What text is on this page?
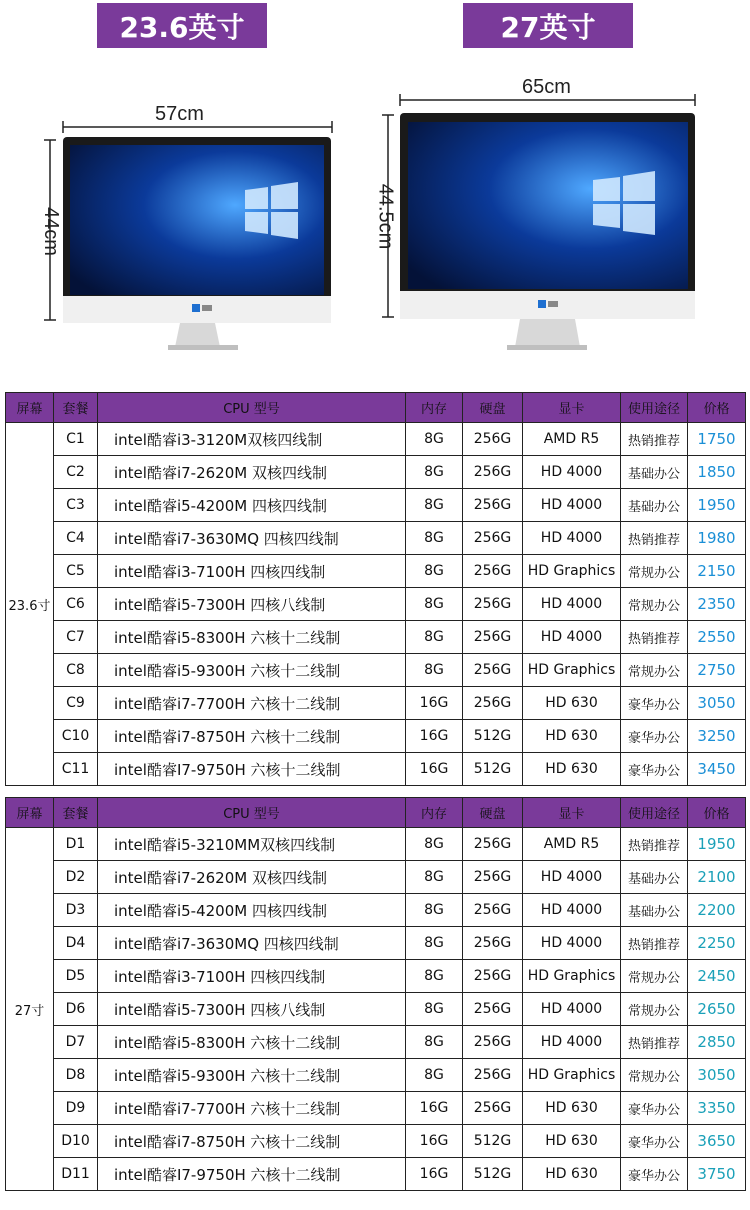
23.6英寸	27英寸
57cm
44cm
65cm
44.5cm
屏幕	套餐	CPU 型号	内存	硬盘	显卡	使用途径	价格
23.6寸	C1	intel酷睿i3-3120M双核四线制	8G	256G	AMD R5	热销推荐	1750
	C2	intel酷睿i7-2620M 双核四线制	8G	256G	HD 4000	基础办公	1850
	C3	intel酷睿i5-4200M 四核四线制	8G	256G	HD 4000	基础办公	1950
	C4	intel酷睿i7-3630MQ 四核四线制	8G	256G	HD 4000	热销推荐	1980
	C5	intel酷睿i3-7100H 四核四线制	8G	256G	HD Graphics	常规办公	2150
	C6	intel酷睿i5-7300H 四核八线制	8G	256G	HD 4000	常规办公	2350
	C7	intel酷睿i5-8300H 六核十二线制	8G	256G	HD 4000	热销推荐	2550
	C8	intel酷睿i5-9300H 六核十二线制	8G	256G	HD Graphics	常规办公	2750
	C9	intel酷睿i7-7700H 六核十二线制	16G	256G	HD 630	豪华办公	3050
	C10	intel酷睿i7-8750H 六核十二线制	16G	512G	HD 630	豪华办公	3250
	C11	intel酷睿I7-9750H 六核十二线制	16G	512G	HD 630	豪华办公	3450
屏幕	套餐	CPU 型号	内存	硬盘	显卡	使用途径	价格
27寸	D1	intel酷睿i5-3210MM双核四线制	8G	256G	AMD R5	热销推荐	1950
	D2	intel酷睿i7-2620M 双核四线制	8G	256G	HD 4000	基础办公	2100
	D3	intel酷睿i5-4200M 四核四线制	8G	256G	HD 4000	基础办公	2200
	D4	intel酷睿i7-3630MQ 四核四线制	8G	256G	HD 4000	热销推荐	2250
	D5	intel酷睿i3-7100H 四核四线制	8G	256G	HD Graphics	常规办公	2450
	D6	intel酷睿i5-7300H 四核八线制	8G	256G	HD 4000	常规办公	2650
	D7	intel酷睿i5-8300H 六核十二线制	8G	256G	HD 4000	热销推荐	2850
	D8	intel酷睿i5-9300H 六核十二线制	8G	256G	HD Graphics	常规办公	3050
	D9	intel酷睿i7-7700H 六核十二线制	16G	256G	HD 630	豪华办公	3350
	D10	intel酷睿i7-8750H 六核十二线制	16G	512G	HD 630	豪华办公	3650
	D11	intel酷睿I7-9750H 六核十二线制	16G	512G	HD 630	豪华办公	3750
